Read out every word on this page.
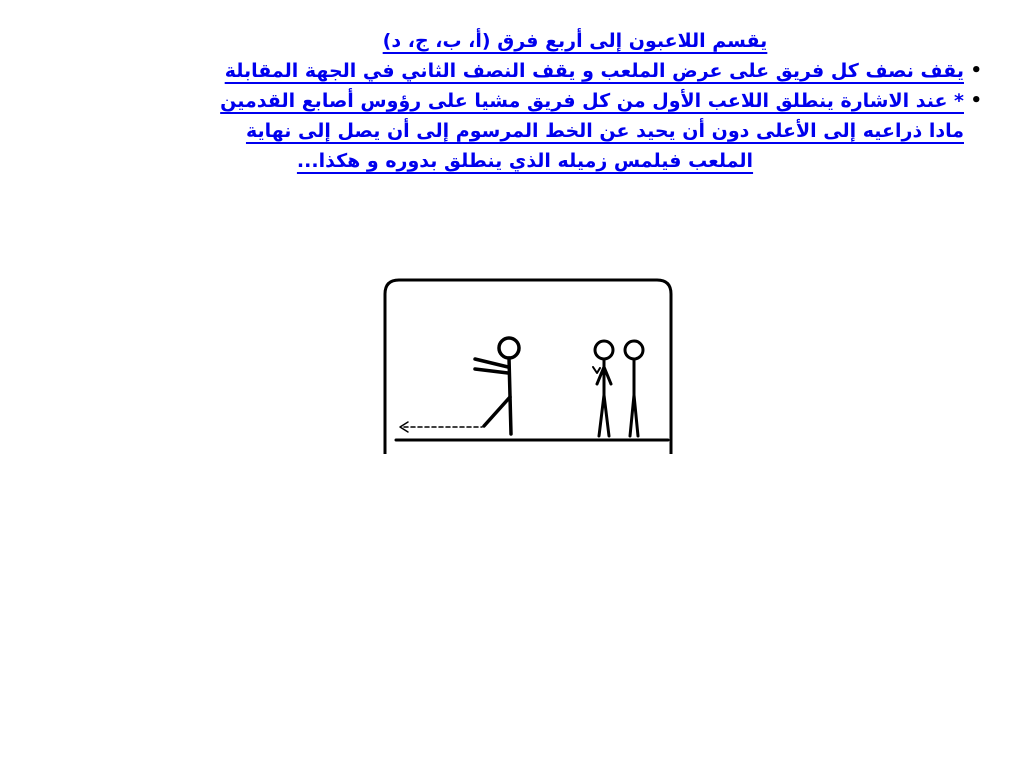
يقسم اللاعبون إلى أربع فرق (أ، ب، ج، د)
•
يقف نصف كل فريق على عرض الملعب و يقف النصف الثاني في الجهة المقابلة
•
* عند الاشارة ينطلق اللاعب الأول من كل فريق مشيا على رؤوس أصابع القدمين
مادا ذراعيه إلى الأعلى دون أن يحيد عن الخط المرسوم إلى أن يصل إلى نهاية
الملعب فيلمس زميله الذي ينطلق بدوره و هكذا...
